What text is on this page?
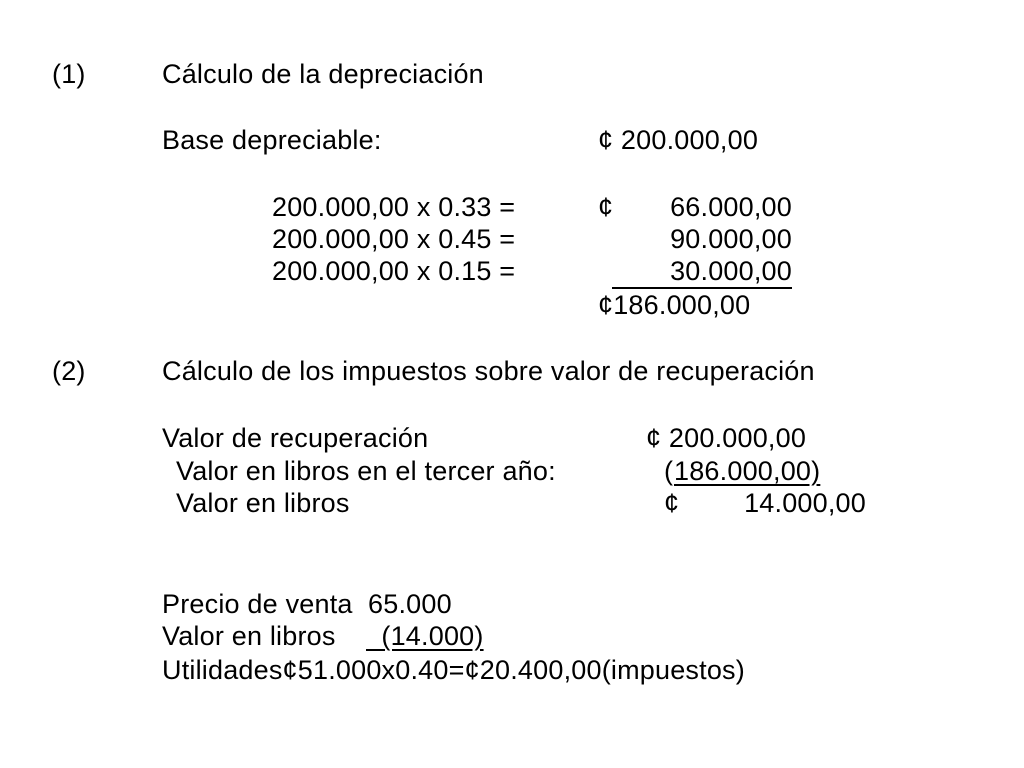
(1)	Cálculo de la depreciación
Base depreciable:	¢ 200.000,00
200.000,00 x 0.33 =	¢	66.000,00
200.000,00 x 0.45 =	90.000,00
200.000,00 x 0.15 =	30.000,00
¢186.000,00
(2)	Cálculo de los impuestos sobre valor de recuperación
Valor de recuperación	¢ 200.000,00
Valor en libros en el tercer año:	( 186.000,00)
Valor en libros	¢	14.000,00
Precio de venta  65.000
Valor en libros (14.000)
Utilidades¢51.000x0.40=¢20.400,00(impuestos)
